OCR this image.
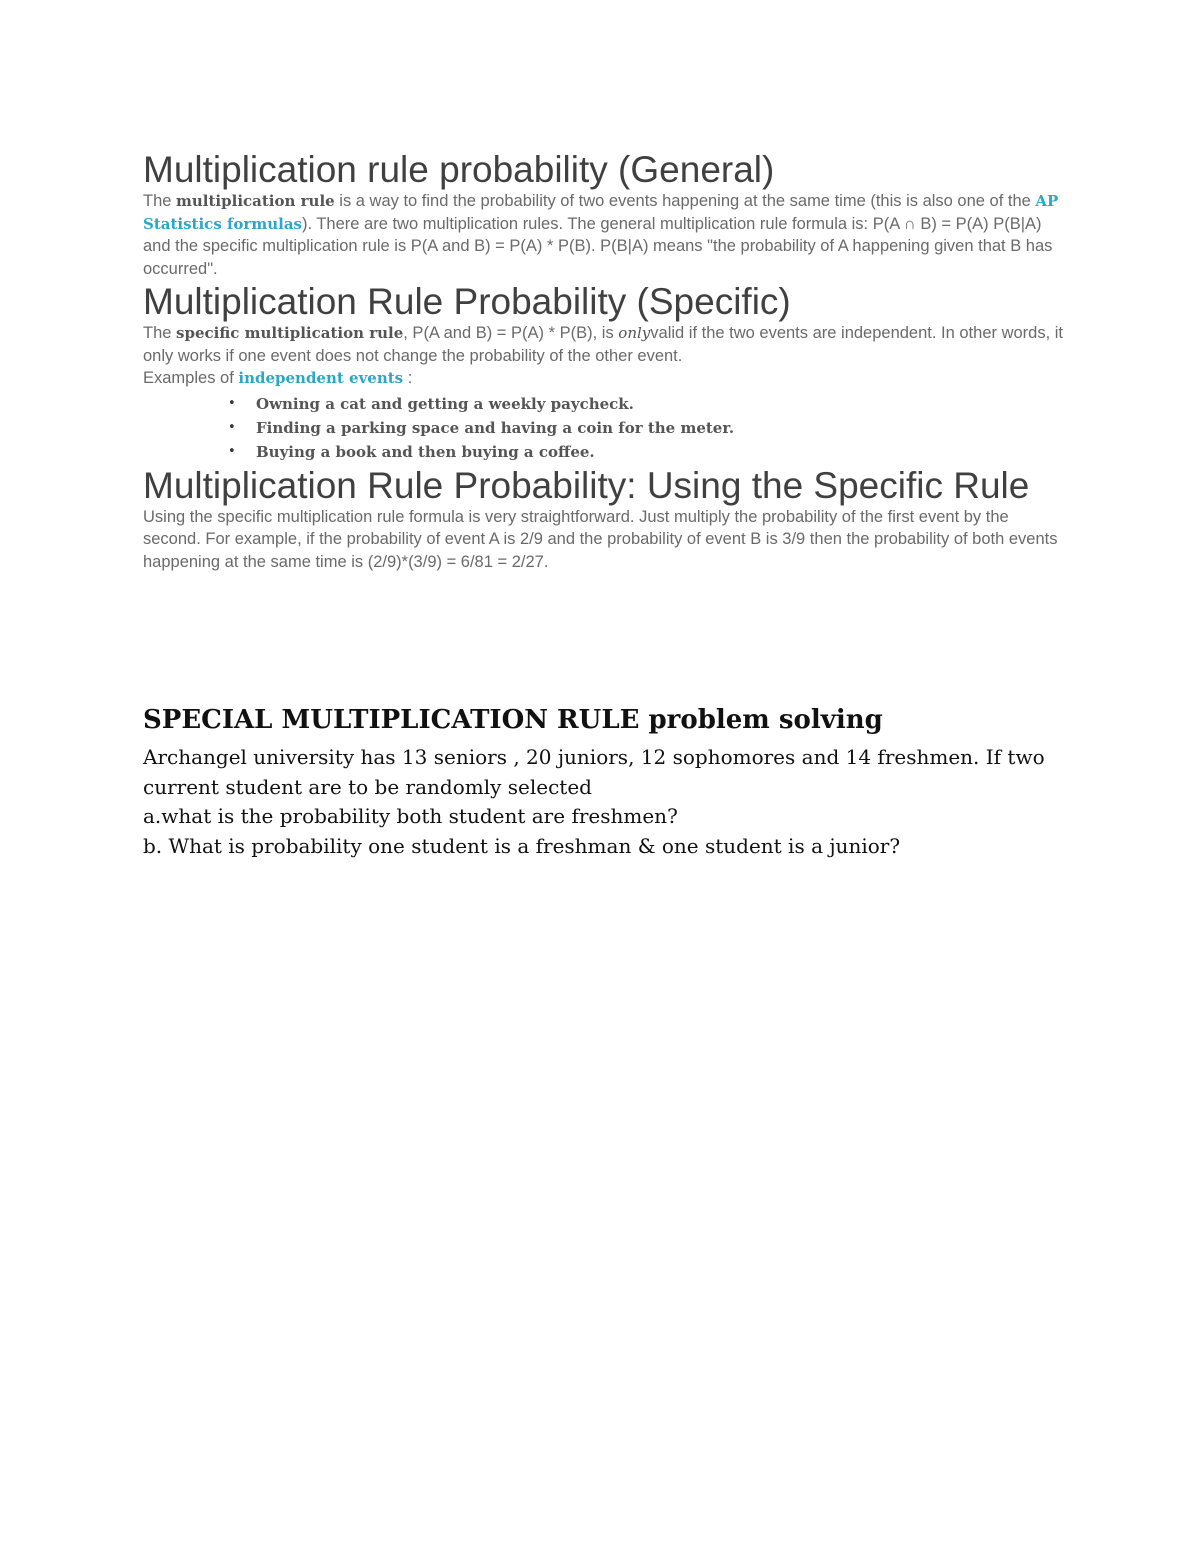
Multiplication rule probability (General)

The multiplication rule is a way to find the probability of two events happening at the same time (this is also one of the AP Statistics formulas). There are two multiplication rules. The general multiplication rule formula is: P(A ∩ B) = P(A) P(B|A) and the specific multiplication rule is P(A and B) = P(A) * P(B). P(B|A) means "the probability of A happening given that B has occurred".

Multiplication Rule Probability (Specific)

The specific multiplication rule, P(A and B) = P(A) * P(B), is onlyvalid if the two events are independent. In other words, it only works if one event does not change the probability of the other event.

Examples of independent events :

• Owning a cat and getting a weekly paycheck.
• Finding a parking space and having a coin for the meter.
• Buying a book and then buying a coffee.
Multiplication Rule Probability: Using the Specific Rule

Using the specific multiplication rule formula is very straightforward. Just multiply the probability of the first event by the second. For example, if the probability of event A is 2/9 and the probability of event B is 3/9 then the probability of both events happening at the same time is (2/9)*(3/9) = 6/81 = 2/27.

SPECIAL MULTIPLICATION RULE problem solving

Archangel university has 13 seniors , 20 juniors, 12 sophomores and 14 freshmen. If two current student are to be randomly selected

a.what is the probability both student are freshmen?

b. What is probability one student is a freshman & one student is a junior?
